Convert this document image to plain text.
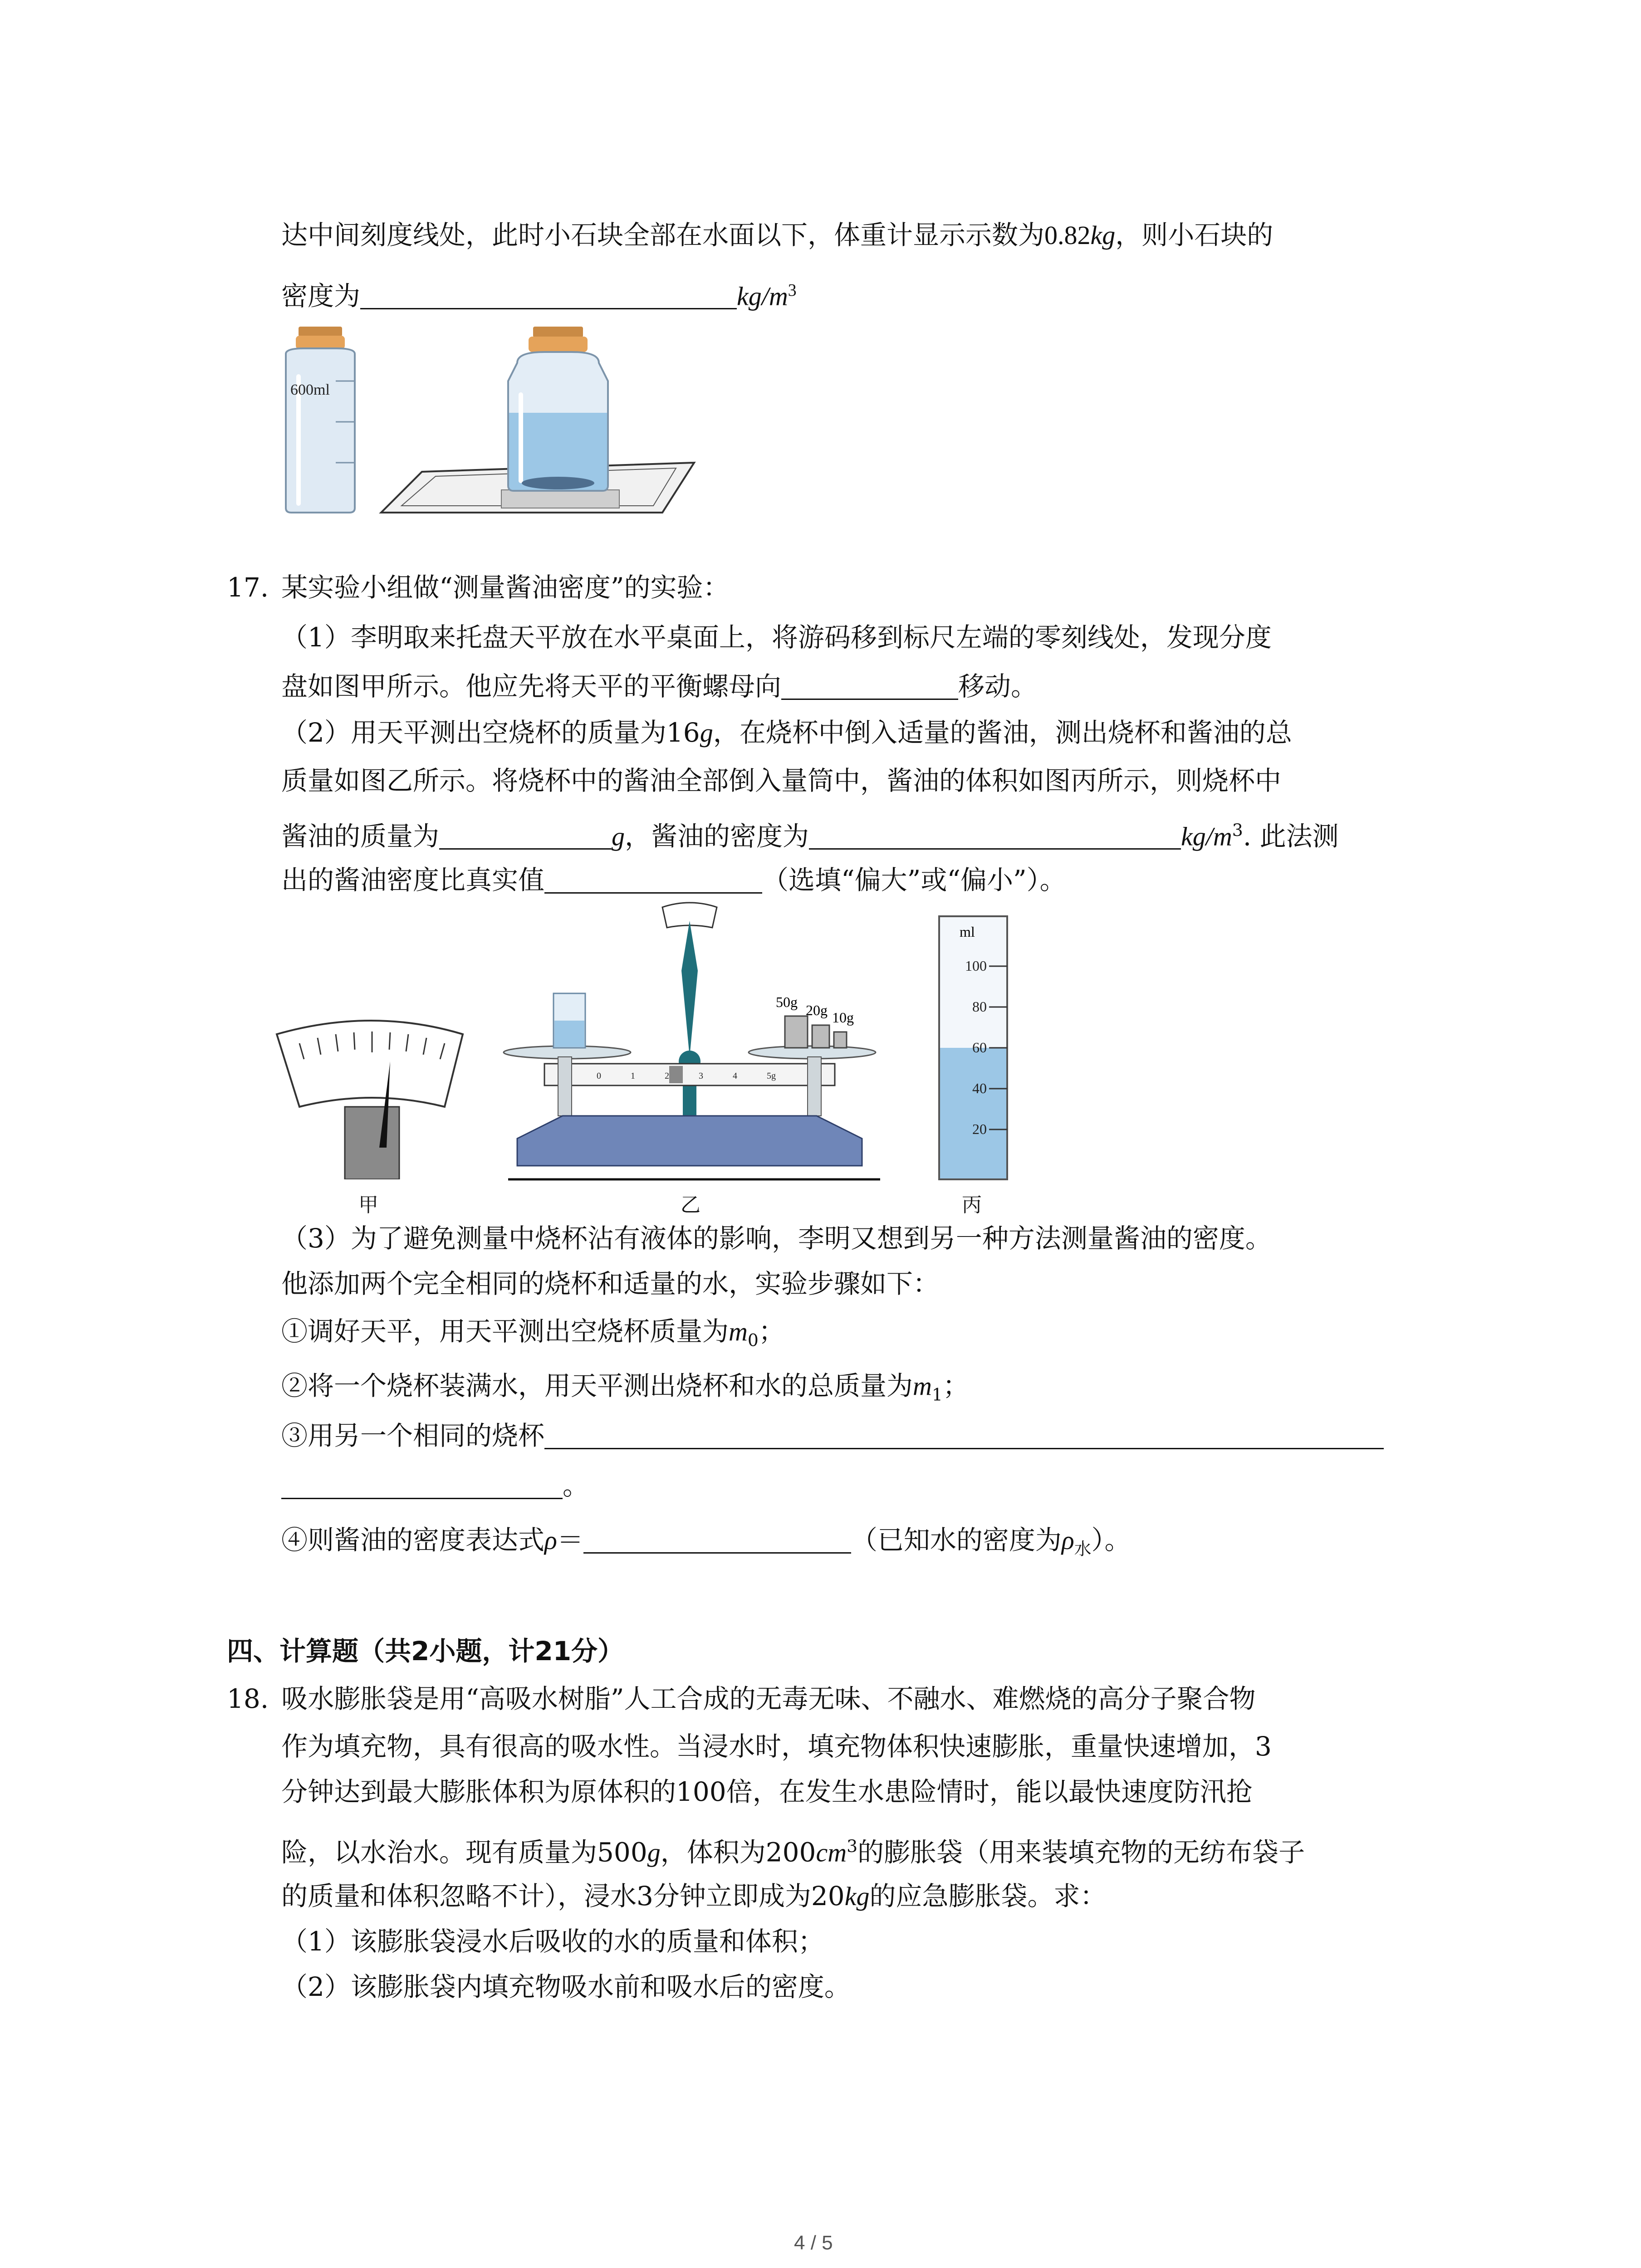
达中间刻度线处，此时小石块全部在水面以下，体重计显示示数为0.82kg，则小石块的
密度为	$kg/m^3$
600ml
17. 某实验小组做“测量酱油密度”的实验：
（1）李明取来托盘天平放在水平桌面上，将游码移到标尺左端的零刻线处，发现分度
盘如图甲所示。他应先将天平的平衡螺母向	移动。
（2）用天平测出空烧杯的质量为16g，在烧杯中倒入适量的酱油，测出烧杯和酱油的总
质量如图乙所示。将烧杯中的酱油全部倒入量筒中，酱油的体积如图丙所示，则烧杯中
酱油的质量为	g，酱油的密度为	$kg/m^3$. 此法测
出的酱油密度比真实值	（选填“偏大”或“偏小”）。
甲
50g 20g 10g
0	1	2	3	4	5g
乙
ml
100
80
60
40
20
丙
（3）为了避免测量中烧杯沾有液体的影响，李明又想到另一种方法测量酱油的密度。
他添加两个完全相同的烧杯和适量的水，实验步骤如下：
①调好天平，用天平测出空烧杯质量为$m_0$；
②将一个烧杯装满水，用天平测出烧杯和水的总质量为$m_1$；
③用另一个相同的烧杯
。
④则酱油的密度表达式ρ＝	（已知水的密度为$\rho_水$）。
四、计算题（共2小题，计21分）
18. 吸水膨胀袋是用“高吸水树脂”人工合成的无毒无味、不融水、难燃烧的高分子聚合物
作为填充物，具有很高的吸水性。当浸水时，填充物体积快速膨胀，重量快速增加，3
分钟达到最大膨胀体积为原体积的100倍，在发生水患险情时，能以最快速度防汛抢
险，以水治水。现有质量为500g，体积为$200cm^3$的膨胀袋（用来装填充物的无纺布袋子
的质量和体积忽略不计），浸水3分钟立即成为20kg的应急膨胀袋。求：
（1）该膨胀袋浸水后吸收的水的质量和体积；
（2）该膨胀袋内填充物吸水前和吸水后的密度。
4 / 5
